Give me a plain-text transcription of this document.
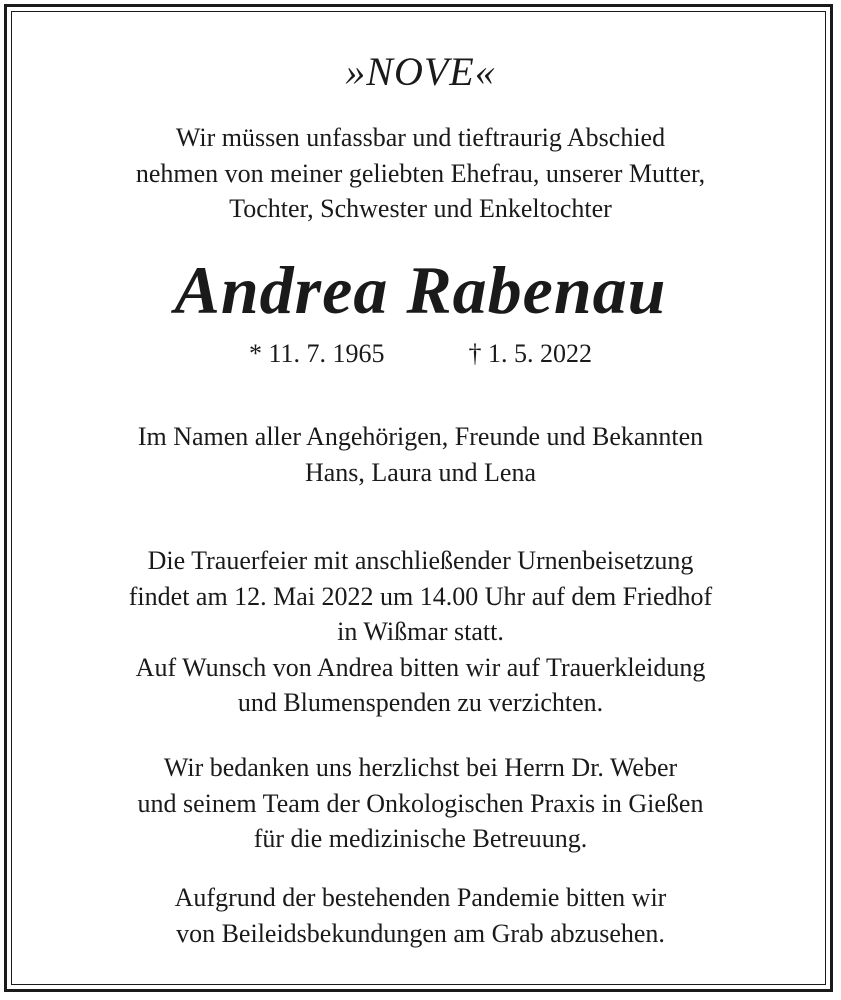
»NOVE«
Wir müssen unfassbar und tieftraurig Abschied
nehmen von meiner geliebten Ehefrau, unserer Mutter,
Tochter, Schwester und Enkeltochter
Andrea Rabenau
* 11. 7. 1965	† 1. 5. 2022
Im Namen aller Angehörigen, Freunde und Bekannten
Hans, Laura und Lena
Die Trauerfeier mit anschließender Urnenbeisetzung
findet am 12. Mai 2022 um 14.00 Uhr auf dem Friedhof
in Wißmar statt.
Auf Wunsch von Andrea bitten wir auf Trauerkleidung
und Blumenspenden zu verzichten.
Wir bedanken uns herzlichst bei Herrn Dr. Weber
und seinem Team der Onkologischen Praxis in Gießen
für die medizinische Betreuung.
Aufgrund der bestehenden Pandemie bitten wir
von Beileidsbekundungen am Grab abzusehen.
